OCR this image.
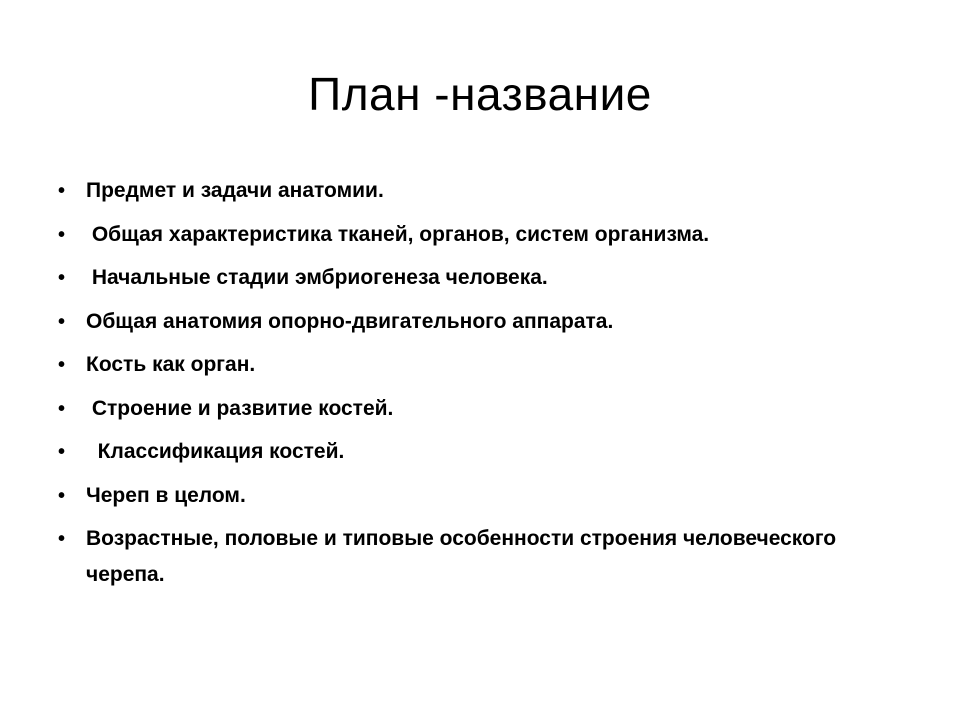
План -название
• Предмет и задачи анатомии.
• Общая характеристика тканей, органов, систем организма.
• Начальные стадии эмбриогенеза человека.
• Общая анатомия опорно-двигательного аппарата.
• Кость как орган.
• Строение и развитие костей.
• Классификация костей.
• Череп в целом.
• Возрастные, половые и типовые особенности строения человеческого черепа.
